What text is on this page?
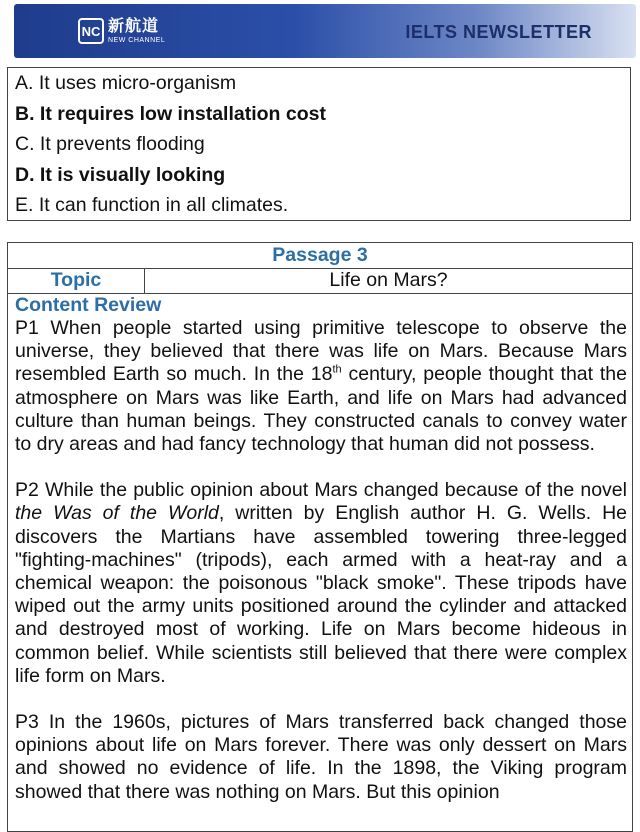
NC 新航道
NEW CHANNEL	IELTS NEWSLETTER
A. It uses micro-organism
B. It requires low installation cost
C. It prevents flooding
D. It is visually looking
E. It can function in all climates.
Passage 3
Topic	Life on Mars?
Content Review

P1 When people started using primitive telescope to observe the universe, they believed that there was life on Mars. Because Mars resembled Earth so much. In the 18th century, people thought that the atmosphere on Mars was like Earth, and life on Mars had advanced culture than human beings. They constructed canals to convey water to dry areas and had fancy technology that human did not possess.

P2 While the public opinion about Mars changed because of the novel the Was of the World, written by English author H. G. Wells. He discovers the Martians have assembled towering three-legged "fighting-machines" (tripods), each armed with a heat-ray and a chemical weapon: the poisonous "black smoke". These tripods have wiped out the army units positioned around the cylinder and attacked and destroyed most of working. Life on Mars become hideous in common belief. While scientists still believed that there were complex life form on Mars.

P3 In the 1960s, pictures of Mars transferred back changed those opinions about life on Mars forever. There was only dessert on Mars and showed no evidence of life. In the 1898, the Viking program showed that there was nothing on Mars. But this opinion
